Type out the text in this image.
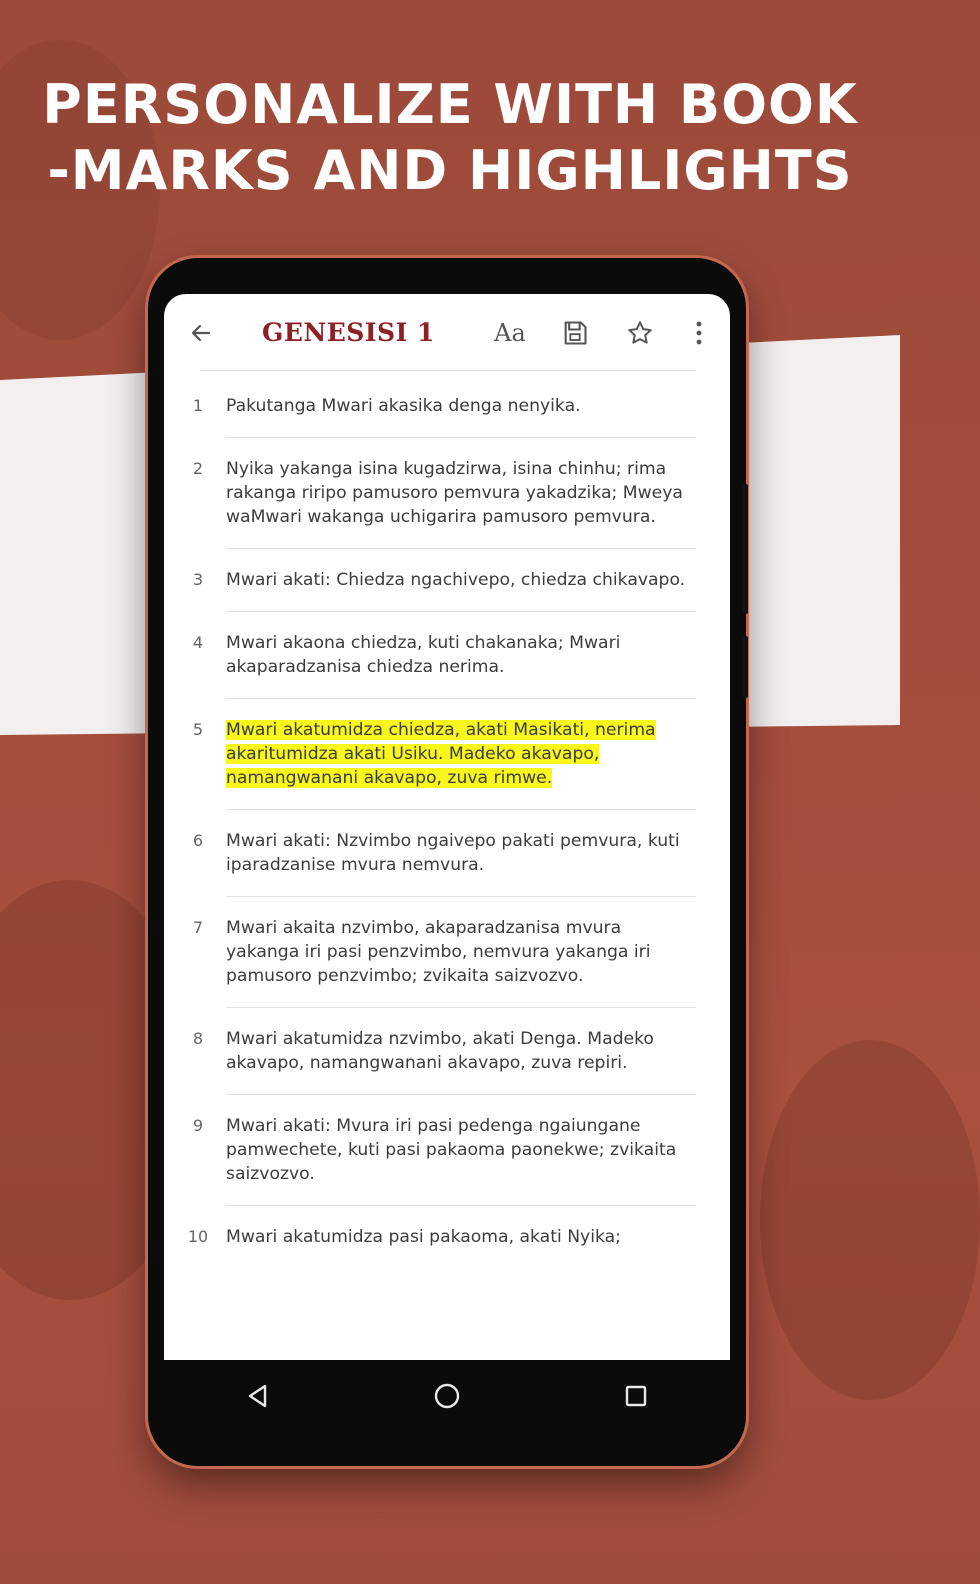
PERSONALIZE WITH BOOK
-MARKS AND HIGHLIGHTS
GENESISI 1 Aa
1	Pakutanga Mwari akasika denga nenyika.
2	Nyika yakanga isina kugadzirwa, isina chinhu; rima rakanga riripo pamusoro pemvura yakadzika; Mweya waMwari wakanga uchigarira pamusoro pemvura.
3	Mwari akati: Chiedza ngachivepo, chiedza chikavapo.
4	Mwari akaona chiedza, kuti chakanaka; Mwari akaparadzanisa chiedza nerima.
5	Mwari akatumidza chiedza, akati Masikati, nerima akaritumidza akati Usiku. Madeko akavapo, namangwanani akavapo, zuva rimwe.
6	Mwari akati: Nzvimbo ngaivepo pakati pemvura, kuti iparadzanise mvura nemvura.
7	Mwari akaita nzvimbo, akaparadzanisa mvura yakanga iri pasi penzvimbo, nemvura yakanga iri pamusoro penzvimbo; zvikaita saizvozvo.
8	Mwari akatumidza nzvimbo, akati Denga. Madeko akavapo, namangwanani akavapo, zuva repiri.
9	Mwari akati: Mvura iri pasi pedenga ngaiungane pamwechete, kuti pasi pakaoma paonekwe; zvikaita saizvozvo.
10	Mwari akatumidza pasi pakaoma, akati Nyika;
